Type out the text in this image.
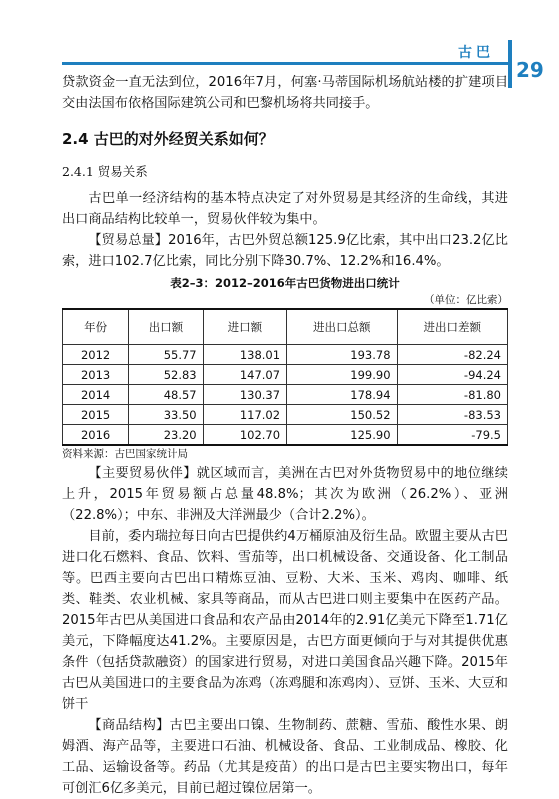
古巴
29

贷款资金一直无法到位，2016年7月，何塞·马蒂国际机场航站楼的扩建项目交由法国布依格国际建筑公司和巴黎机场将共同接手。

2.4 古巴的对外经贸关系如何？
2.4.1 贸易关系

古巴单一经济结构的基本特点决定了对外贸易是其经济的生命线，其进出口商品结构比较单一，贸易伙伴较为集中。

【贸易总量】2016年，古巴外贸总额125.9亿比索，其中出口23.2亿比索，进口102.7亿比索，同比分别下降30.7%、12.2%和16.4%。

表2–3：2012–2016年古巴货物进出口统计
（单位：亿比索）
年份	出口额	进口额	进出口总额	进出口差额
2012	55.77	138.01	193.78	-82.24
2013	52.83	147.07	199.90	-94.24
2014	48.57	130.37	178.94	-81.80
2015	33.50	117.02	150.52	-83.53
2016	23.20	102.70	125.90	-79.5
资料来源：古巴国家统计局

【主要贸易伙伴】就区域而言，美洲在古巴对外货物贸易中的地位继续上升，2015年贸易额占总量48.8%；其次为欧洲（26.2%）、亚洲（22.8%）；中东、非洲及大洋洲最少（合计2.2%）。

目前，委内瑞拉每日向古巴提供约4万桶原油及衍生品。欧盟主要从古巴进口化石燃料、食品、饮料、雪茄等，出口机械设备、交通设备、化工制品等。巴西主要向古巴出口精炼豆油、豆粉、大米、玉米、鸡肉、咖啡、纸类、鞋类、农业机械、家具等商品，而从古巴进口则主要集中在医药产品。2015年古巴从美国进口食品和农产品由2014年的2.91亿美元下降至1.71亿美元，下降幅度达41.2%。主要原因是，古巴方面更倾向于与对其提供优惠条件（包括贷款融资）的国家进行贸易，对进口美国食品兴趣下降。2015年古巴从美国进口的主要食品为冻鸡（冻鸡腿和冻鸡肉）、豆饼、玉米、大豆和饼干

【商品结构】古巴主要出口镍、生物制药、蔗糖、雪茄、酸性水果、朗姆酒、海产品等，主要进口石油、机械设备、食品、工业制成品、橡胶、化工品、运输设备等。药品（尤其是疫苗）的出口是古巴主要实物出口，每年可创汇6亿多美元，目前已超过镍位居第一。
